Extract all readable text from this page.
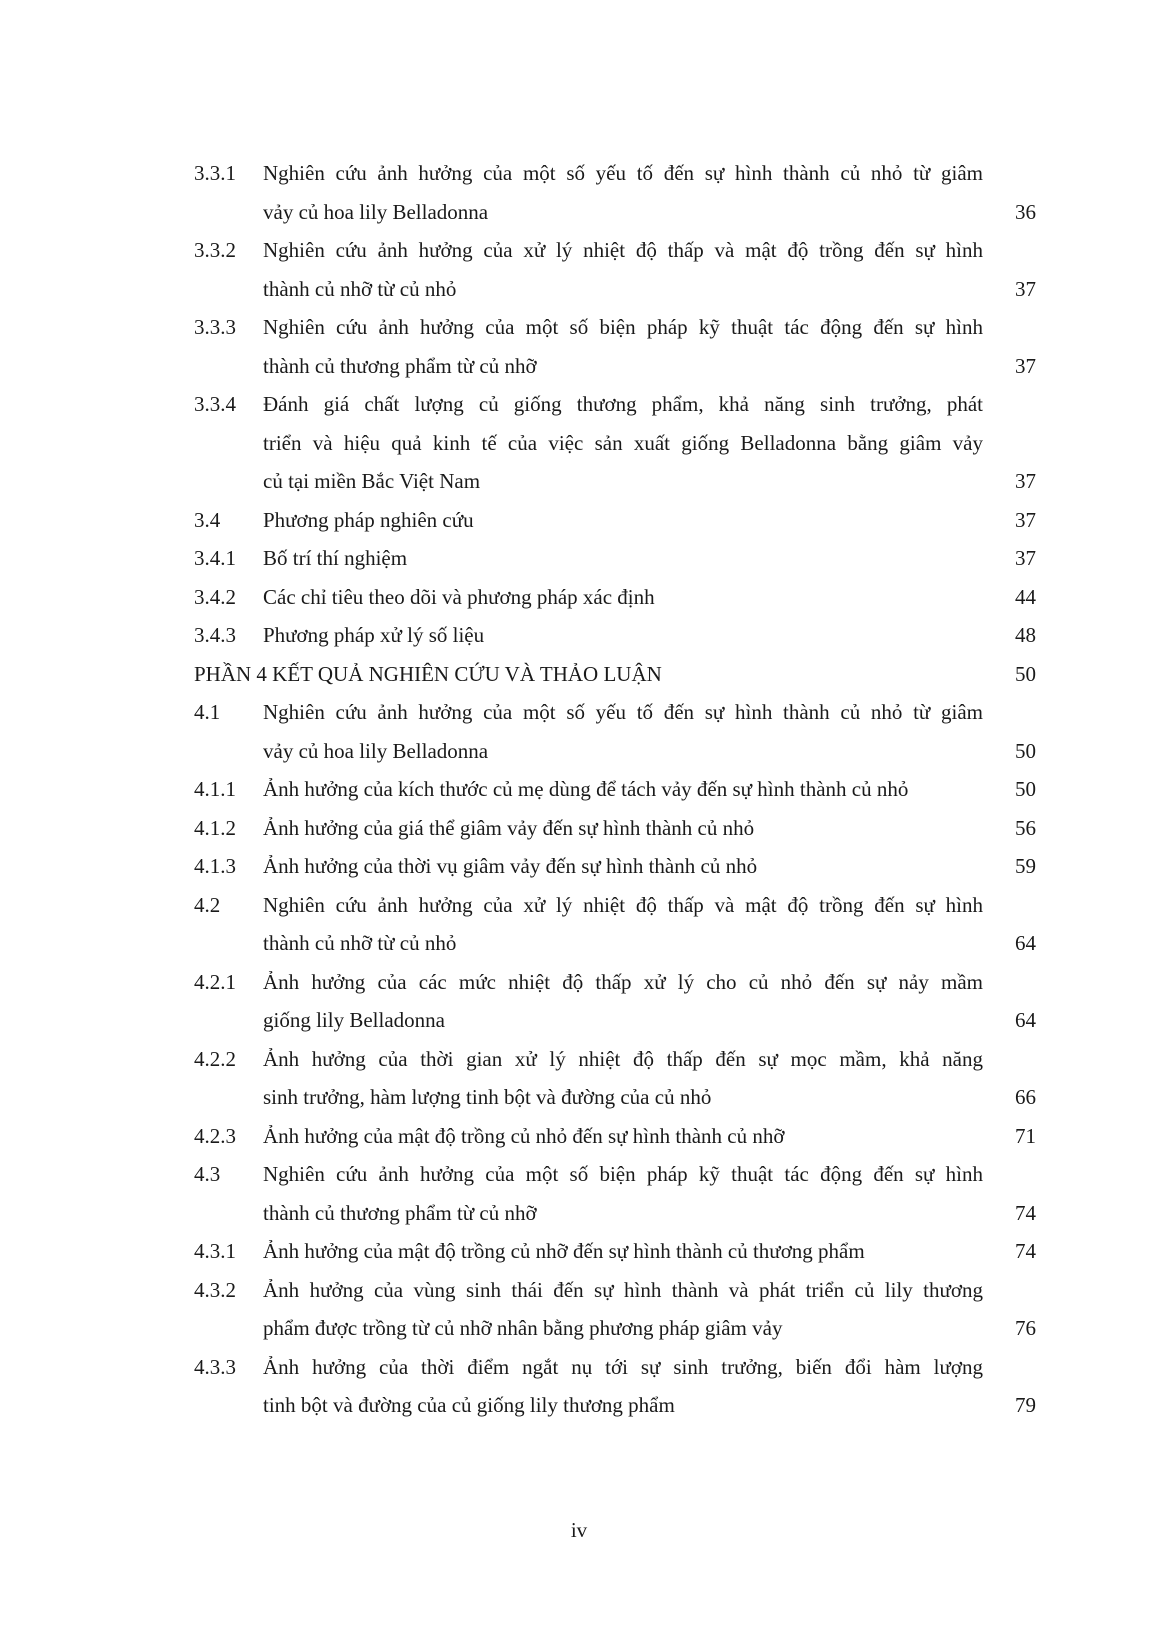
3.3.1 Nghiên cứu ảnh hưởng của một số yếu tố đến sự hình thành củ nhỏ từ giâm
vảy củ hoa lily Belladonna	36
3.3.2 Nghiên cứu ảnh hưởng của xử lý nhiệt độ thấp và mật độ trồng đến sự hình
thành củ nhỡ từ củ nhỏ	37
3.3.3 Nghiên cứu ảnh hưởng của một số biện pháp kỹ thuật tác động đến sự hình
thành củ thương phẩm từ củ nhỡ	37
3.3.4 Đánh giá chất lượng củ giống thương phẩm, khả năng sinh trưởng, phát
triển và hiệu quả kinh tế của việc sản xuất giống Belladonna bằng giâm vảy
củ tại miền Bắc Việt Nam	37
3.4 Phương pháp nghiên cứu	37
3.4.1 Bố trí thí nghiệm	37
3.4.2 Các chỉ tiêu theo dõi và phương pháp xác định	44
3.4.3 Phương pháp xử lý số liệu	48
PHẦN 4 KẾT QUẢ NGHIÊN CỨU VÀ THẢO LUẬN	50
4.1 Nghiên cứu ảnh hưởng của một số yếu tố đến sự hình thành củ nhỏ từ giâm
vảy củ hoa lily Belladonna	50
4.1.1 Ảnh hưởng của kích thước củ mẹ dùng để tách vảy đến sự hình thành củ nhỏ	50
4.1.2 Ảnh hưởng của giá thể giâm vảy đến sự hình thành củ nhỏ	56
4.1.3 Ảnh hưởng của thời vụ giâm vảy đến sự hình thành củ nhỏ	59
4.2 Nghiên cứu ảnh hưởng của xử lý nhiệt độ thấp và mật độ trồng đến sự hình
thành củ nhỡ từ củ nhỏ	64
4.2.1 Ảnh hưởng của các mức nhiệt độ thấp xử lý cho củ nhỏ đến sự nảy mầm
giống lily Belladonna	64
4.2.2 Ảnh hưởng của thời gian xử lý nhiệt độ thấp đến sự mọc mầm, khả năng
sinh trưởng, hàm lượng tinh bột và đường của củ nhỏ	66
4.2.3 Ảnh hưởng của mật độ trồng củ nhỏ đến sự hình thành củ nhỡ	71
4.3 Nghiên cứu ảnh hưởng của một số biện pháp kỹ thuật tác động đến sự hình
thành củ thương phẩm từ củ nhỡ	74
4.3.1 Ảnh hưởng của mật độ trồng củ nhỡ đến sự hình thành củ thương phẩm	74
4.3.2 Ảnh hưởng của vùng sinh thái đến sự hình thành và phát triển củ lily thương
phẩm được trồng từ củ nhỡ nhân bằng phương pháp giâm vảy	76
4.3.3 Ảnh hưởng của thời điểm ngắt nụ tới sự sinh trưởng, biến đổi hàm lượng
tinh bột và đường của củ giống lily thương phẩm	79
iv
